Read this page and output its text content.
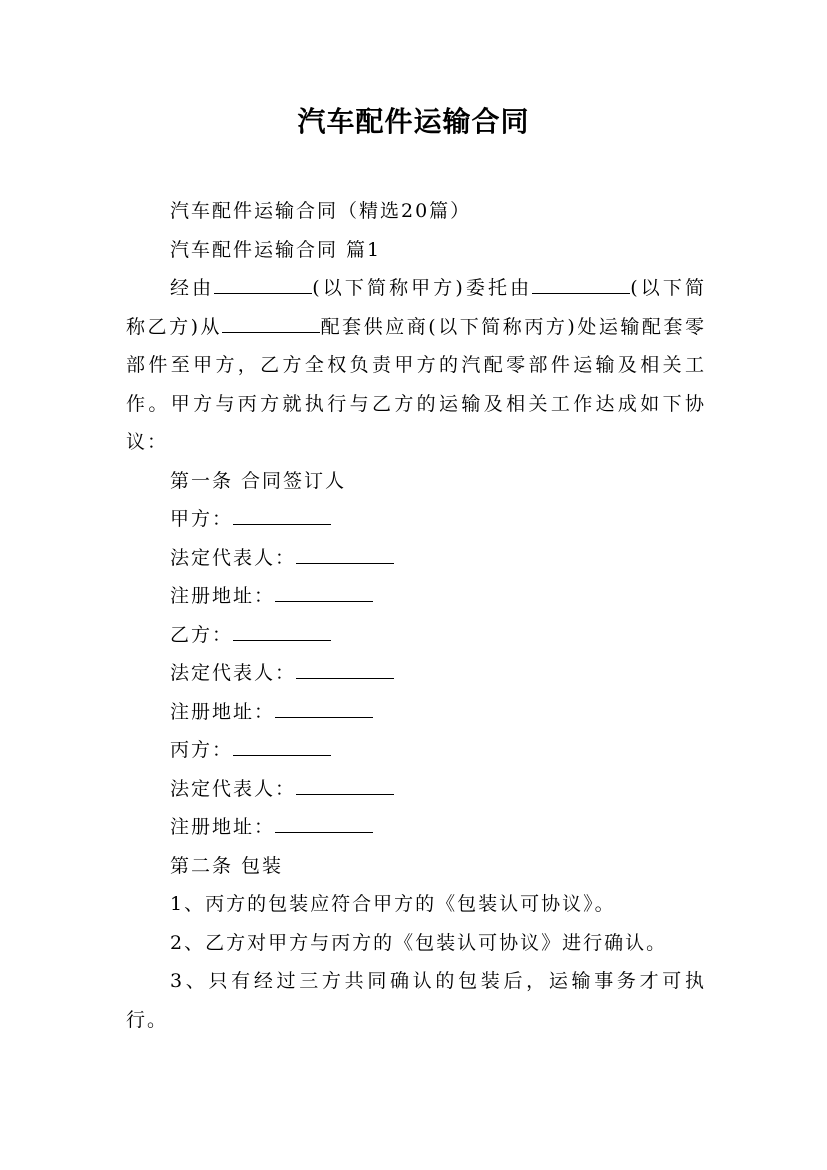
汽车配件运输合同

汽车配件运输合同（精选20篇）

汽车配件运输合同 篇1

经由	(以下简称甲方)委托由	(以下简称乙方)从	配套供应商(以下简称丙方)处运输配套零部件至甲方，乙方全权负责甲方的汽配零部件运输及相关工作。甲方与丙方就执行与乙方的运输及相关工作达成如下协议：

第一条 合同签订人

甲方：

法定代表人：

注册地址：

乙方：

法定代表人：

注册地址：

丙方：

法定代表人：

注册地址：

第二条 包装

1、丙方的包装应符合甲方的《包装认可协议》。

2、乙方对甲方与丙方的《包装认可协议》进行确认。

3、只有经过三方共同确认的包装后，运输事务才可执行。
